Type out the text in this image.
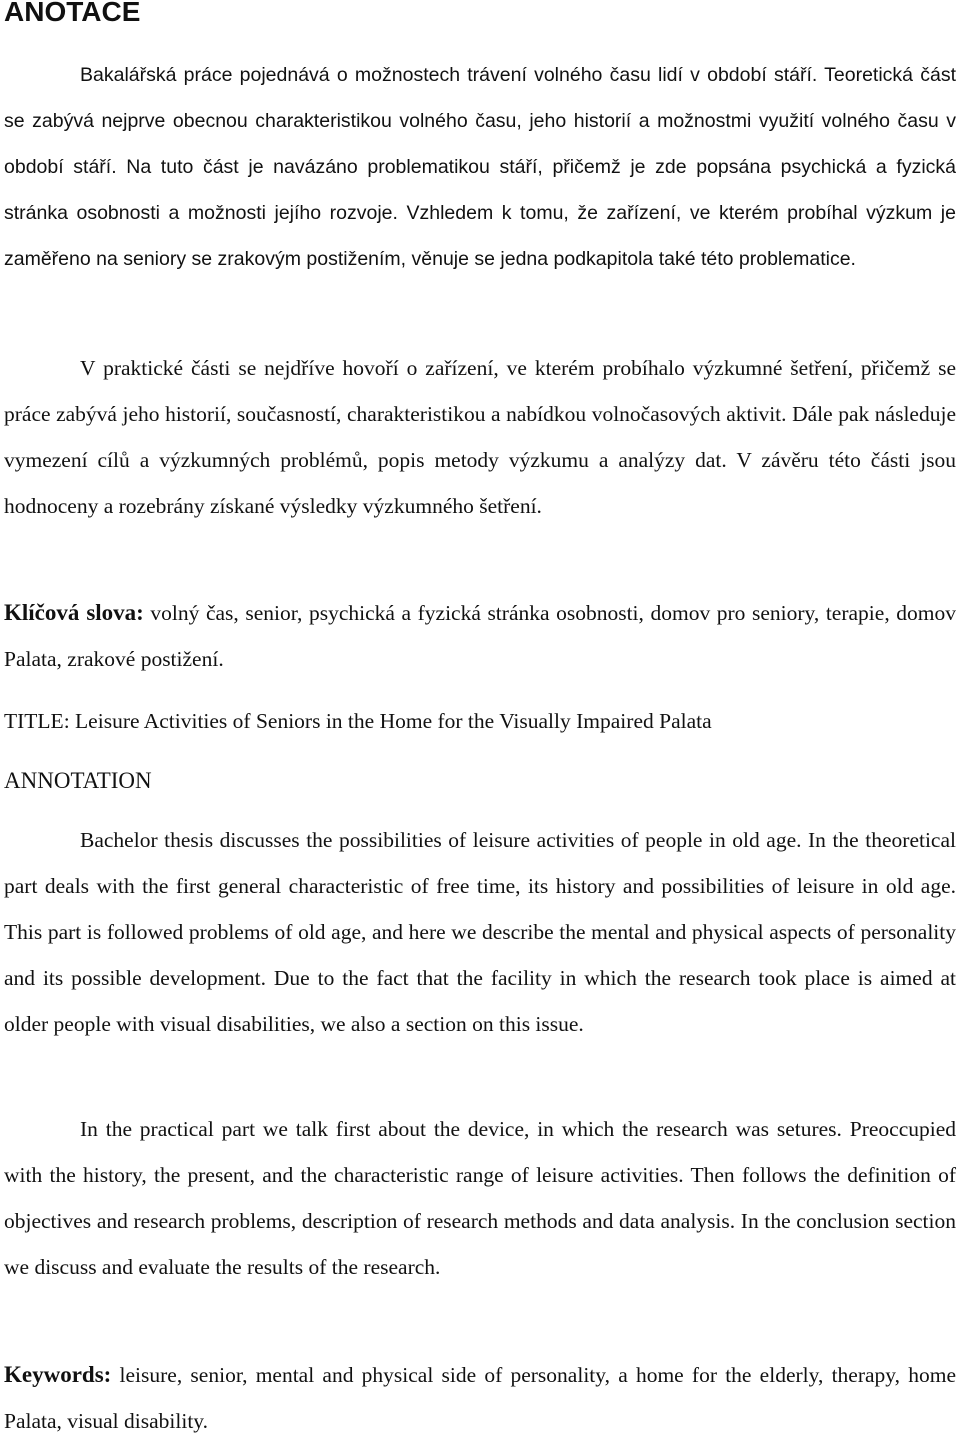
ANOTACE

Bakalářská práce pojednává o možnostech trávení volného času lidí v období stáří. Teoretická část se zabývá nejprve obecnou charakteristikou volného času, jeho historií a možnostmi využití volného času v období stáří. Na tuto část je navázáno problematikou stáří, přičemž je zde popsána psychická a fyzická stránka osobnosti a možnosti jejího rozvoje. Vzhledem k tomu, že zařízení, ve kterém probíhal výzkum je zaměřeno na seniory se zrakovým postižením, věnuje se jedna podkapitola také této problematice.

V praktické části se nejdříve hovoří o zařízení, ve kterém probíhalo výzkumné šetření, přičemž se práce zabývá jeho historií, současností, charakteristikou a nabídkou volnočasových aktivit. Dále pak následuje vymezení cílů a výzkumných problémů, popis metody výzkumu a analýzy dat. V závěru této části jsou hodnoceny a rozebrány získané výsledky výzkumného šetření.

Klíčová slova: volný čas, senior, psychická a fyzická stránka osobnosti, domov pro seniory, terapie, domov Palata, zrakové postižení.

TITLE: Leisure Activities of Seniors in the Home for the Visually Impaired Palata

ANNOTATION

Bachelor thesis discusses the possibilities of leisure activities of people in old age. In the theoretical part deals with the first general characteristic of free time, its history and possibilities of leisure in old age. This part is followed problems of old age, and here we describe the mental and physical aspects of personality and its possible development. Due to the fact that the facility in which the research took place is aimed at older people with visual disabilities, we also a section on this issue.

In the practical part we talk first about the device, in which the research was setures. Preoccupied with the history, the present, and the characteristic range of leisure activities. Then follows the definition of objectives and research problems, description of research methods and data analysis. In the conclusion section we discuss and evaluate the results of the research.

Keywords: leisure, senior, mental and physical side of personality, a home for the elderly, therapy, home Palata, visual disability.
